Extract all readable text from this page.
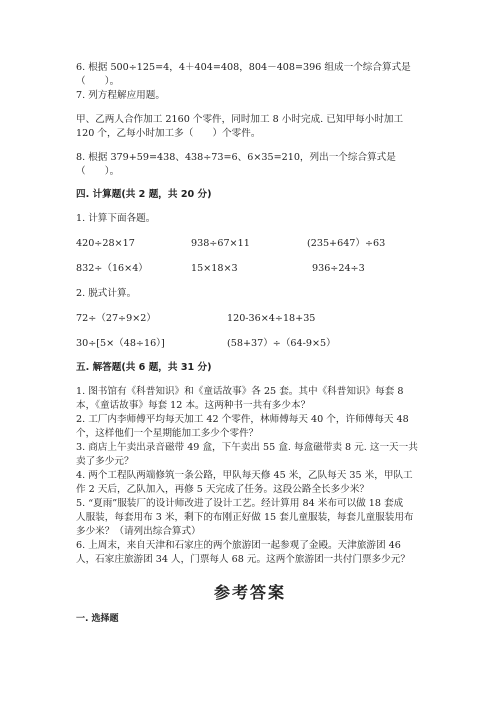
6. 根据 500÷125=4，4＋404=408，804－408=396 组成一个综合算式是
（　　）。
7. 列方程解应用题。
甲、乙两人合作加工 2160 个零件，同时加工 8 小时完成. 已知甲每小时加工
120 个，乙每小时加工多（　　）个零件。
8. 根据 379+59=438、438÷73=6、6×35=210，列出一个综合算式是
（　　）。
四. 计算题(共 2 题，共 20 分)
1. 计算下面各题。
420÷28×17	938÷67×11	(235+647）÷63
832÷（16×4）	15×18×3	936÷24÷3
2. 脱式计算。
72÷（27÷9×2）	120-36×4÷18+35
30÷[5×（48÷16）]	(58+37）÷（64-9×5）
五. 解答题(共 6 题，共 31 分)
1. 图书馆有《科普知识》和《童话故事》各 25 套。其中《科普知识》每套 8
本，《童话故事》每套 12 本。这两种书一共有多少本？
2. 工厂内李师傅平均每天加工 42 个零件，林师傅每天 40 个，许师傅每天 48
个，这样他们一个星期能加工多少个零件？
3. 商店上午卖出录音磁带 49 盒，下午卖出 55 盒. 每盒磁带卖 8 元. 这一天一共
卖了多少元？
4. 两个工程队两端修筑一条公路，甲队每天修 45 米，乙队每天 35 米，甲队工
作 2 天后，乙队加入，再修 5 天完成了任务。这段公路全长多少米？
5. “夏雨”服装厂的设计师改进了设计工艺。经计算用 84 米布可以做 18 套成
人服装，每套用布 3 米，剩下的布刚正好做 15 套儿童服装，每套儿童服装用布
多少米？（请列出综合算式）
6. 上周末，来自天津和石家庄的两个旅游团一起参观了金殿。天津旅游团 46
人，石家庄旅游团 34 人，门票每人 68 元。这两个旅游团一共付门票多少元？
参考答案
一. 选择题
